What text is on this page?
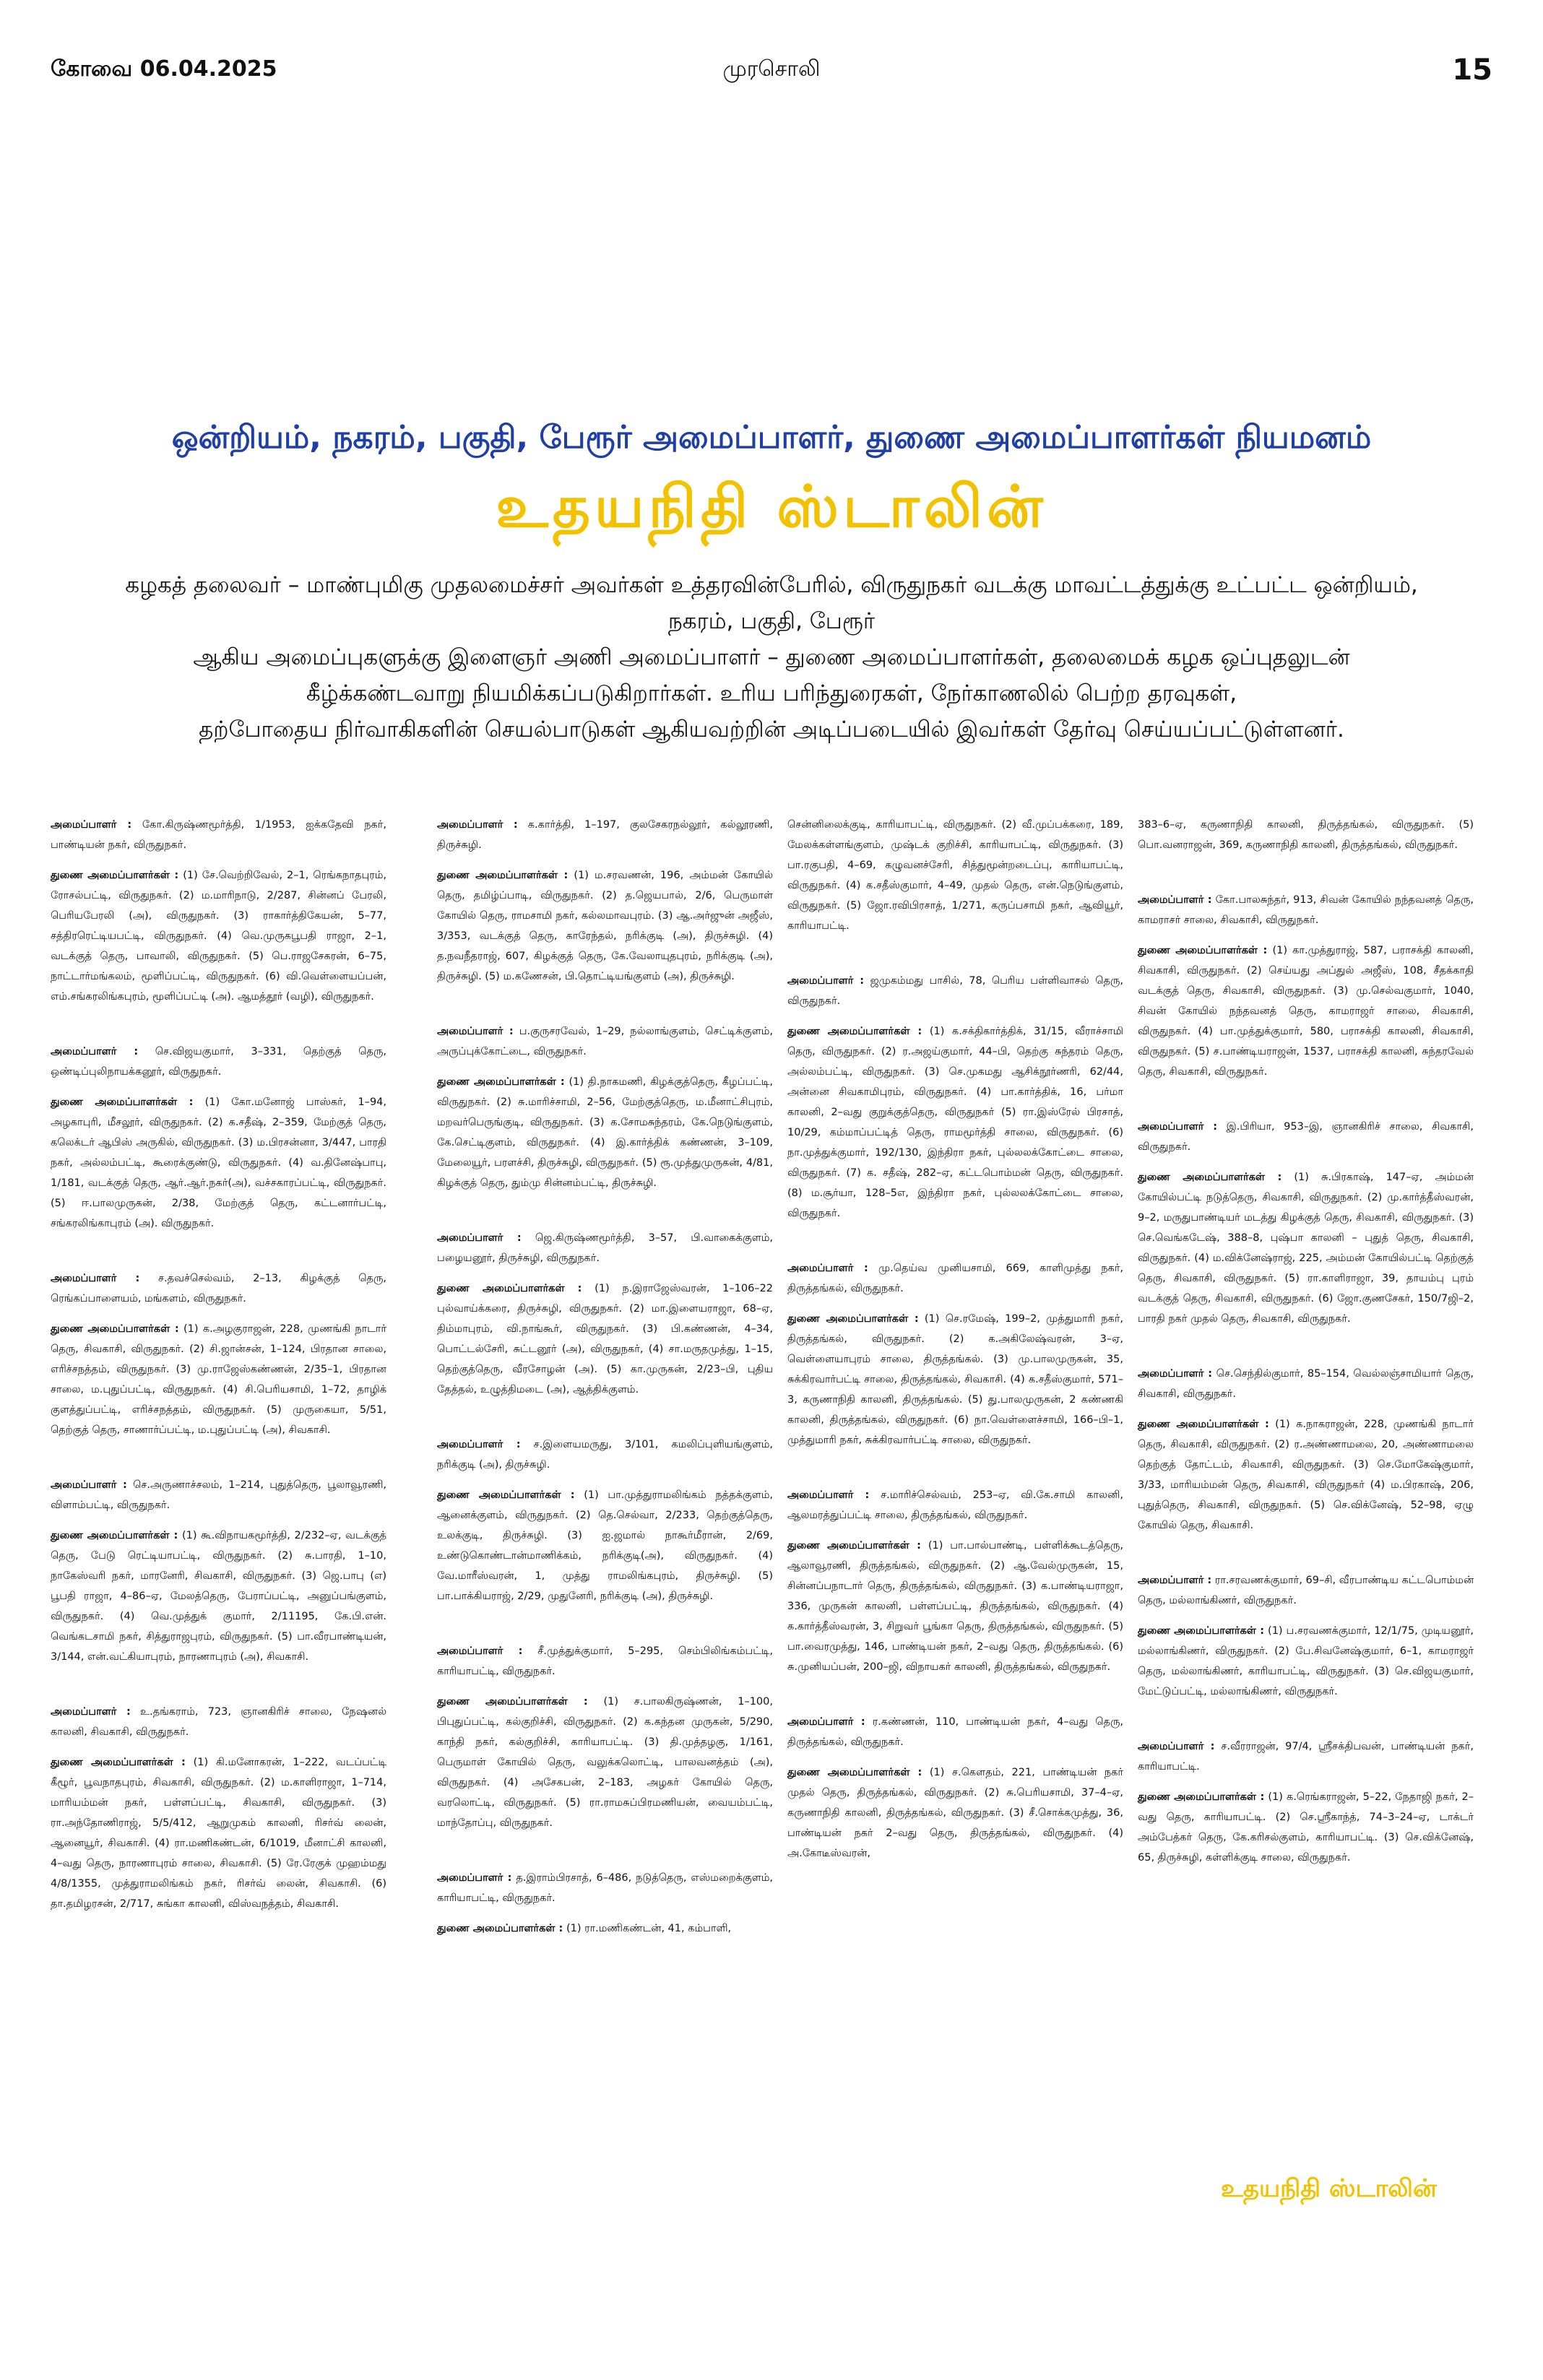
கோவை 06.04.2025	முரசொலி	15
ஒன்றியம், நகரம், பகுதி, பேரூர் அமைப்பாளர், துணை அமைப்பாளர்கள் நியமனம்
உதயநிதி ஸ்டாலின்

கழகத் தலைவர் – மாண்புமிகு முதலமைச்சர் அவர்கள் உத்தரவின்பேரில், விருதுநகர் வடக்கு மாவட்டத்துக்கு உட்பட்ட ஒன்றியம், நகரம், பகுதி, பேரூர்

ஆகிய அமைப்புகளுக்கு இளைஞர் அணி அமைப்பாளர் – துணை அமைப்பாளர்கள், தலைமைக் கழக ஒப்புதலுடன்

கீழ்க்கண்டவாறு நியமிக்கப்படுகிறார்கள். உரிய பரிந்துரைகள், நேர்காணலில் பெற்ற தரவுகள்,

தற்போதைய நிர்வாகிகளின் செயல்பாடுகள் ஆகியவற்றின் அடிப்படையில் இவர்கள் தேர்வு செய்யப்பட்டுள்ளனர்.

அமைப்பாளர் : கோ.கிருஷ்ணமூர்த்தி, 1/1953, ஐக்கதேவி நகர், பாண்டியன் நகர், விருதுநகர்.

துணை அமைப்பாளர்கள் : (1) சே.வெற்றிவேல், 2–1, ரெங்கநாதபுரம், ரோசல்பட்டி, விருதுநகர். (2) ம.மாரிநாடு, 2/287, சின்னப் பேரலி, பெரியபேரலி (அ), விருதுநகர். (3) ராகார்த்திகேயன், 5–77, சத்திரரெட்டியபட்டி, விருதுநகர். (4) வெ.முருகபூபதி ராஜா, 2–1, வடக்குத் தெரு, பாவாலி, விருதுநகர். (5) பெ.ராஜசேகரன், 6–75, நாட்டார்மங்கலம், மூளிப்பட்டி, விருதுநகர். (6) வி.வெள்ளையப்பன், எம்.சங்கரலிங்கபுரம், மூளிப்பட்டி (அ). ஆமத்தூர் (வழி), விருதுநகர்.

அமைப்பாளர் : செ.விஜயகுமார், 3–331, தெற்குத் தெரு, ஒண்டிப்புலிநாயக்கனூர், விருதுநகர்.

துணை அமைப்பாளர்கள் : (1) கோ.மனோஜ் பாஸ்கர், 1–94, அழகாபுரி, மீசலூர், விருதுநகர். (2) க.சதீஷ், 2–359, மேற்குத் தெரு, கலெக்டர் ஆபிஸ் அருகில், விருதுநகர். (3) ம.பிரசன்னா, 3/447, பாரதி நகர், அல்லம்பட்டி, கூரைக்குண்டு, விருதுநகர். (4) வ.தினேஷ்பாபு, 1/181, வடக்குத் தெரு, ஆர்.ஆர்.நகர்(அ), வச்சகாரப்பட்டி, விருதுநகர். (5) ஈ.பாலமுருகன், 2/38, மேற்குத் தெரு, கட்டனார்பட்டி, சங்கரலிங்காபுரம் (அ). விருதுநகர்.

அமைப்பாளர் : ச.தவச்செல்வம், 2–13, கிழக்குத் தெரு, ரெங்கப்பாளையம், மங்களம், விருதுநகர்.

துணை அமைப்பாளர்கள் : (1) க.அழகுராஜன், 228, முணங்கி நாடார் தெரு, சிவகாசி, விருதுநகர். (2) சி.ஜான்சன், 1–124, பிரதான சாலை, எரிச்சநத்தம், விருதுநகர். (3) மு.ராஜேஸ்கண்ணன், 2/35–1, பிரதான சாலை, ம.புதுப்பட்டி, விருதுநகர். (4) சி.பெரியசாமி, 1–72, தாழிக் குளத்துப்பட்டி, எரிச்சநத்தம், விருதுநகர். (5) முருகையா, 5/51, தெற்குத் தெரு, சாணார்ப்பட்டி, ம.புதுப்பட்டி (அ), சிவகாசி.

அமைப்பாளர் : செ.அருணாச்சலம், 1–214, புதுத்தெரு, பூலாவூரணி, விளாம்பட்டி, விருதுநகர்.

துணை அமைப்பாளர்கள் : (1) கூ.விநாயகமூர்த்தி, 2/232–ஏ, வடக்குத் தெரு, பேடு ரெட்டியாபட்டி, விருதுநகர். (2) சு.பாரதி, 1–10, நாகேஸ்வரி நகர், மாரனேரி, சிவகாசி, விருதுநகர். (3) ஜெ.பாபு (எ) பூபதி ராஜா, 4–86–ஏ, மேலத்தெரு, பேராப்பட்டி, அனுப்பங்குளம், விருதுநகர். (4) வெ.முத்துக் குமார், 2/11195, கே.பி.என். வெங்கடசாமி நகர், சித்துராஜபுரம், விருதுநகர். (5) பா.வீரபாண்டியன், 3/144, என்.வட்கியாபுரம், நாரணாபுரம் (அ), சிவகாசி.

அமைப்பாளர் : உ.தங்கராம், 723, ஞானகிரிச் சாலை, நேஷனல் காலனி, சிவகாசி, விருதுநகர்.

துணை அமைப்பாளர்கள் : (1) கி.மனோகரன், 1–222, வடப்பட்டி கீழூர், பூவநாதபுரம், சிவகாசி, விருதுநகர். (2) ம.காளிராஜா, 1–714, மாரியம்மன் நகர், பள்ளப்பட்டி, சிவகாசி, விருதுநகர். (3) ரா.அந்தோணிராஜ், 5/5/412, ஆறுமுகம் காலனி, ரிசர்வ் லைன், ஆனையூர், சிவகாசி. (4) ரா.மணிகண்டன், 6/1019, மீனாட்சி காலனி, 4–வது தெரு, நாரணாபுரம் சாலை, சிவகாசி. (5) ரே.ரேகுக் முஹம்மது 4/8/1355, முத்துராமலிங்கம் நகர், ரிசர்வ் லைன், சிவகாசி. (6) தா.தமிழரசன், 2/717, சுங்கா காலனி, விஸ்வநத்தம், சிவகாசி.

அமைப்பாளர் : க.கார்த்தி, 1–197, குலசேகரநல்லூர், கல்லூரணி, திருச்சுழி.

துணை அமைப்பாளர்கள் : (1) ம.சரவணன், 196, அம்மன் கோயில் தெரு, தமிழ்ப்பாடி, விருதுநகர். (2) த.ஜெயபால், 2/6, பெருமாள் கோயில் தெரு, ராமசாமி நகர், கல்லமாவபுரம். (3) ஆ.அர்ஜுன் அஜீஸ், 3/353, வடக்குத் தெரு, காரேந்தல், நரிக்குடி (அ), திருச்சுழி. (4) த.நவநீதராஜ், 607, கிழக்குத் தெரு, கே.வேலாயுதபுரம், நரிக்குடி (அ), திருச்சுழி. (5) ம.கணேசன், பி.தொட்டியங்குளம் (அ), திருச்சுழி.

அமைப்பாளர் : ப.குருசரவேல், 1–29, நல்லாங்குளம், செட்டிக்குளம், அருப்புக்கோட்டை, விருதுநகர்.

துணை அமைப்பாளர்கள் : (1) தி.நாகமணி, கிழக்குத்தெரு, கீழப்பட்டி, விருதுநகர். (2) சு.மாரிச்சாமி, 2–56, மேற்குத்தெரு, ம.மீனாட்சிபுரம், மறவர்பெருங்குடி, விருதுநகர். (3) க.சோமசுந்தரம், கே.நெடுங்குளம், கே.செட்டிகுளம், விருதுநகர். (4) இ.கார்த்திக் கண்ணன், 3–109, மேலையூர், பரளச்சி, திருச்சுழி, விருதுநகர். (5) ரூ.முத்துமுருகன், 4/81, கிழக்குத் தெரு, தும்மு சின்னம்பட்டி, திருச்சுழி.

அமைப்பாளர் : ஜெ.கிருஷ்ணமூர்த்தி, 3–57, பி.வாகைக்குளம், பழையனூர், திருச்சுழி, விருதுநகர்.

துணை அமைப்பாளர்கள் : (1) ந.இராஜேஸ்வரன், 1–106–22 புல்வாய்க்கரை, திருச்சுழி, விருதுநகர். (2) மா.இளையராஜா, 68–ஏ, திம்மாபுரம், வி.நாங்கூர், விருதுநகர். (3) பி.கண்ணன், 4–34, பொட்டல்சேரி, சுட்டனூர் (அ), விருதுநகர், (4) சா.மருதமுத்து, 1–15, தெற்குத்தெரு, வீரசோழன் (அ). (5) கா.முருகன், 2/23–பி, புதிய தேத்தல், உழுத்திமடை (அ), ஆத்திக்குளம்.

அமைப்பாளர் : ச.இளையமருது, 3/101, கமலிப்புளியங்குளம், நரிக்குடி (அ), திருச்சுழி.

துணை அமைப்பாளர்கள் : (1) பா.முத்துராமலிங்கம் நத்தக்குளம், ஆனைக்குளம், விருதுநகர். (2) தெ.செல்வா, 2/233, தெற்குத்தெரு, உலக்குடி, திருச்சுழி. (3) ஐ.ஜமால் நாகூர்மீரான், 2/69, உண்டுகொண்டான்மாணிக்கம், நரிக்குடி(அ), விருதுநகர். (4) வே.மாரீஸ்வரன், 1, முத்து ராமலிங்கபுரம், திருச்சுழி. (5) பா.பாக்கியராஜ், 2/29, முதுனேரி, நரிக்குடி (அ), திருச்சுழி.

அமைப்பாளர் : சீ.முத்துக்குமார், 5–295, செம்பிலிங்கம்பட்டி, காரியாபட்டி, விருதுநகர்.

துணை அமைப்பாளர்கள் : (1) ச.பாலகிருஷ்ணன், 1–100, பிபுதுப்பட்டி, கல்குறிச்சி, விருதுநகர். (2) க.கந்தன முருகன், 5/290, காந்தி நகர், கல்குறிச்சி, காரியாபட்டி. (3) தி.முத்தழகு, 1/161, பெருமாள் கோயில் தெரு, வலுக்கலொட்டி, பாலவனத்தம் (அ), விருதுநகர். (4) அசேகபன், 2–183, அழகர் கோயில் தெரு, வரலொட்டி, விருதுநகர். (5) ரா.ராமசுப்பிரமணியன், வையம்பட்டி, மாந்தோப்பு, விருதுநகர்.

அமைப்பாளர் : த.இராம்பிரசாத், 6–486, நடுத்தெரு, எஸ்மறைக்குளம், காரியாபட்டி, விருதுநகர்.

துணை அமைப்பாளர்கள் : (1) ரா.மணிகண்டன், 41, கம்பாளி,

சென்னிலைக்குடி, காரியாபட்டி, விருதுநகர். (2) வீ.முப்பக்கரை, 189, மேலக்கள்ளங்குளம், முஷ்டக் குறிச்சி, காரியாபட்டி, விருதுநகர். (3) பா.ரகுபதி, 4–69, கழுவனச்சேரி, சித்துமூன்றடைப்பு, காரியாபட்டி, விருதுநகர். (4) க.சதீஸ்குமார், 4–49, முதல் தெரு, என்.நெடுங்குளம், விருதுநகர். (5) ஜோ.ரவிபிரசாத், 1/271, கருப்பசாமி நகர், ஆவியூர், காரியாபட்டி.

அமைப்பாளர் : ஜமுகம்மது பாசில், 78, பெரிய பள்ளிவாசல் தெரு, விருதுநகர்.

துணை அமைப்பாளர்கள் : (1) க.சக்திகார்த்திக், 31/15, வீராச்சாமி தெரு, விருதுநகர். (2) ர.அஜய்குமார், 44–பி, தெற்கு சுந்தரம் தெரு, அல்லம்பட்டி, விருதுநகர். (3) செ.முகமது ஆசிக்நூர்ணரி, 62/44, அன்னை சிவகாமிபுரம், விருதுநகர். (4) பா.கார்த்திக், 16, பர்மா காலனி, 2–வது குறுக்குத்தெரு, விருதுநகர் (5) ரா.இஸ்ரேல் பிரசாத், 10/29, கம்மாப்பட்டித் தெரு, ராமமூர்த்தி சாலை, விருதுநகர். (6) நா.முத்துக்குமார், 192/130, இந்திரா நகர், புல்லலக்கோட்டை சாலை, விருதுநகர். (7) க. சதீஷ், 282–ஏ, கட்டபொம்மன் தெரு, விருதுநகர். (8) ம.சூர்யா, 128–5எ, இந்திரா நகர், புல்லலக்கோட்டை சாலை, விருதுநகர்.

அமைப்பாளர் : மு.தெய்வ முனியசாமி, 669, காளிமுத்து நகர், திருத்தங்கல், விருதுநகர்.

துணை அமைப்பாளர்கள் : (1) செ.ரமேஷ், 199–2, முத்துமாரி நகர், திருத்தங்கல், விருதுநகர். (2) க.அகிலேஷ்வரன், 3–ஏ, வெள்ளையாபுரம் சாலை, திருத்தங்கல். (3) மு.பாலமுருகன், 35, சுக்கிரவார்பட்டி சாலை, திருத்தங்கல், சிவகாசி. (4) க.சதீஸ்குமார், 571–3, கருணாநிதி காலனி, திருத்தங்கல். (5) து.பாலமுருகன், 2 கண்ணகி காலனி, திருத்தங்கல், விருதுநகர். (6) நா.வெள்ளைச்சாமி, 166–பி–1, முத்துமாரி நகர், சுக்கிரவார்பட்டி சாலை, விருதுநகர்.

அமைப்பாளர் : ச.மாரிச்செல்வம், 253–ஏ, வி.கே.சாமி காலனி, ஆலமரத்துப்பட்டி சாலை, திருத்தங்கல், விருதுநகர்.

துணை அமைப்பாளர்கள் : (1) பா.பால்பாண்டி, பள்ளிக்கூடத்தெரு, ஆலாவூரணி, திருத்தங்கல், விருதுநகர். (2) ஆ.வேல்முருகன், 15, சின்னப்பநாடார் தெரு, திருத்தங்கல், விருதுநகர். (3) க.பாண்டியராஜா, 336, முருகன் காலனி, பள்ளப்பட்டி, திருத்தங்கல், விருதுநகர். (4) க.கார்த்தீஸ்வரன், 3, சிறுவர் பூங்கா தெரு, திருத்தங்கல், விருதுநகர். (5) பா.வைரமுத்து, 146, பாண்டியன் நகர், 2–வது தெரு, திருத்தங்கல். (6) சு.முனியப்பன், 200–ஜி, விநாயகர் காலனி, திருத்தங்கல், விருதுநகர்.

அமைப்பாளர் : ர.கண்ணன், 110, பாண்டியன் நகர், 4–வது தெரு, திருத்தங்கல், விருதுநகர்.

துணை அமைப்பாளர்கள் : (1) ச.கௌதம், 221, பாண்டியன் நகர் முதல் தெரு, திருத்தங்கல், விருதுநகர். (2) சு.பெரியசாமி, 37–4–ஏ, கருணாநிதி காலனி, திருத்தங்கல், விருதுநகர். (3) சீ.சொக்கமுத்து, 36, பாண்டியன் நகர் 2–வது தெரு, திருத்தங்கல், விருதுநகர். (4) அ.கோடீஸ்வரன்,

383–6–ஏ, கருணாநிதி காலனி, திருத்தங்கல், விருதுநகர். (5) பொ.வனராஜன், 369, கருணாநிதி காலனி, திருத்தங்கல், விருதுநகர்.

அமைப்பாளர் : கோ.பாலசுந்தர், 913, சிவன் கோயில் நந்தவனத் தெரு, காமராசர் சாலை, சிவகாசி, விருதுநகர்.

துணை அமைப்பாளர்கள் : (1) கா.முத்துராஜ், 587, பராசக்தி காலனி, சிவகாசி, விருதுநகர். (2) செய்யது அப்துல் அஜீஸ், 108, சீதக்காதி வடக்குத் தெரு, சிவகாசி, விருதுநகர். (3) மு.செல்வகுமார், 1040, சிவன் கோயில் நந்தவனத் தெரு, காமராஜர் சாலை, சிவகாசி, விருதுநகர். (4) பா.முத்துக்குமார், 580, பராசக்தி காலனி, சிவகாசி, விருதுநகர். (5) ச.பாண்டியராஜன், 1537, பராசக்தி காலனி, சுந்தரவேல் தெரு, சிவகாசி, விருதுநகர்.

அமைப்பாளர் : இ.பிரியா, 953–இ, ஞானகிரிச் சாலை, சிவகாசி, விருதுநகர்.

துணை அமைப்பாளர்கள் : (1) சு.பிரகாஷ், 147–ஏ, அம்மன் கோயில்பட்டி நடுத்தெரு, சிவகாசி, விருதுநகர். (2) மு.கார்த்தீஸ்வரன், 9–2, மருதுபாண்டியர் மடத்து கிழக்குத் தெரு, சிவகாசி, விருதுநகர். (3) செ.வெங்கடேஷ், 388–8, புஷ்பா காலனி – புதுத் தெரு, சிவகாசி, விருதுநகர். (4) ம.விக்னேஷ்ராஜ், 225, அம்மன் கோயில்பட்டி தெற்குத் தெரு, சிவகாசி, விருதுநகர். (5) ரா.காளிராஜா, 39, தாயம்பு புரம் வடக்குத் தெரு, சிவகாசி, விருதுநகர். (6) ஜோ.குணசேகர், 150/7ஜி–2, பாரதி நகர் முதல் தெரு, சிவகாசி, விருதுநகர்.

அமைப்பாளர் : செ.செந்தில்குமார், 85–154, வெல்லஞ்சாமியார் தெரு, சிவகாசி, விருதுநகர்.

துணை அமைப்பாளர்கள் : (1) க.நாகராஜன், 228, முணங்கி நாடார் தெரு, சிவகாசி, விருதுநகர். (2) ர.அண்ணாமலை, 20, அண்ணாமலை தெற்குத் தோட்டம், சிவகாசி, விருதுநகர். (3) செ.மோகேஷ்குமார், 3/33, மாரியம்மன் தெரு, சிவகாசி, விருதுநகர் (4) ம.பிரகாஷ், 206, புதுத்தெரு, சிவகாசி, விருதுநகர். (5) செ.விக்னேஷ், 52–98, ஏழு கோயில் தெரு, சிவகாசி.

அமைப்பாளர் : ரா.சரவணக்குமார், 69–சி, வீரபாண்டிய கட்டபொம்மன் தெரு, மல்லாங்கிணர், விருதுநகர்.

துணை அமைப்பாளர்கள் : (1) ப.சரவணக்குமார், 12/1/75, முடியனூர், மல்லாங்கிணர், விருதுநகர். (2) பே.சிவனேஷ்குமார், 6–1, காமராஜர் தெரு, மல்லாங்கிணர், காரியாபட்டி, விருதுநகர். (3) செ.விஜயகுமார், மேட்டுப்பட்டி, மல்லாங்கிணர், விருதுநகர்.

அமைப்பாளர் : ச.வீரராஜன், 97/4, ஸ்ரீசக்திபவன், பாண்டியன் நகர், காரியாபட்டி.

துணை அமைப்பாளர்கள் : (1) க.ரெங்கராஜன், 5–22, நேதாஜி நகர், 2–வது தெரு, காரியாபட்டி. (2) செ.ஸ்ரீகாந்த், 74–3–24–ஏ, டாக்டர் அம்பேத்கர் தெரு, கே.கரிசல்குளம், காரியாபட்டி. (3) செ.விக்னேஷ், 65, திருச்சுழி, கள்ளிக்குடி சாலை, விருதுநகர்.

உதயநிதி ஸ்டாலின்
